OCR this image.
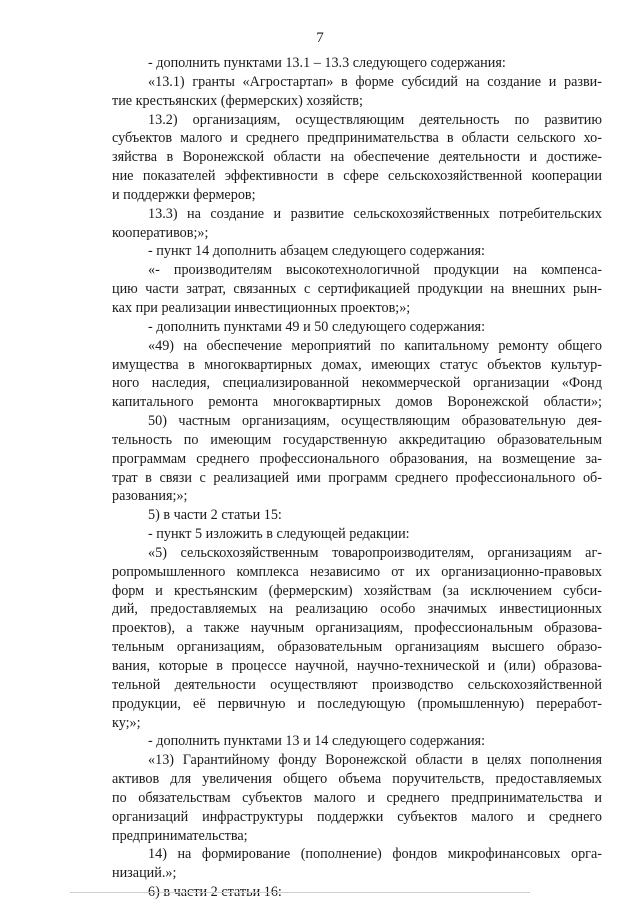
7
- дополнить пунктами 13.1 – 13.3 следующего содержания:
«13.1) гранты «Агростартап» в форме субсидий на создание и разви-
тие крестьянских (фермерских) хозяйств;
13.2) организациям, осуществляющим деятельность по развитию
субъектов малого и среднего предпринимательства в области сельского хо-
зяйства в Воронежской области на обеспечение деятельности и достиже-
ние показателей эффективности в сфере сельскохозяйственной кооперации
и поддержки фермеров;
13.3) на создание и развитие сельскохозяйственных потребительских
кооперативов;»;
- пункт 14 дополнить абзацем следующего содержания:
«- производителям высокотехнологичной продукции на компенса-
цию части затрат, связанных с сертификацией продукции на внешних рын-
ках при реализации инвестиционных проектов;»;
- дополнить пунктами 49 и 50 следующего содержания:
«49) на обеспечение мероприятий по капитальному ремонту общего
имущества в многоквартирных домах, имеющих статус объектов культур-
ного наследия, специализированной некоммерческой организации «Фонд
капитального ремонта многоквартирных домов Воронежской области»;
50) частным организациям, осуществляющим образовательную дея-
тельность по имеющим государственную аккредитацию образовательным
программам среднего профессионального образования, на возмещение за-
трат в связи с реализацией ими программ среднего профессионального об-
разования;»;
5) в части 2 статьи 15:
- пункт 5 изложить в следующей редакции:
«5) сельскохозяйственным товаропроизводителям, организациям аг-
ропромышленного комплекса независимо от их организационно-правовых
форм и крестьянским (фермерским) хозяйствам (за исключением субси-
дий, предоставляемых на реализацию особо значимых инвестиционных
проектов), а также научным организациям, профессиональным образова-
тельным организациям, образовательным организациям высшего образо-
вания, которые в процессе научной, научно-технической и (или) образова-
тельной деятельности осуществляют производство сельскохозяйственной
продукции, её первичную и последующую (промышленную) переработ-
ку;»;
- дополнить пунктами 13 и 14 следующего содержания:
«13) Гарантийному фонду Воронежской области в целях пополнения
активов для увеличения общего объема поручительств, предоставляемых
по обязательствам субъектов малого и среднего предпринимательства и
организаций инфраструктуры поддержки субъектов малого и среднего
предпринимательства;
14) на формирование (пополнение) фондов микрофинансовых орга-
низаций.»;
6) в части 2 статьи 16:
